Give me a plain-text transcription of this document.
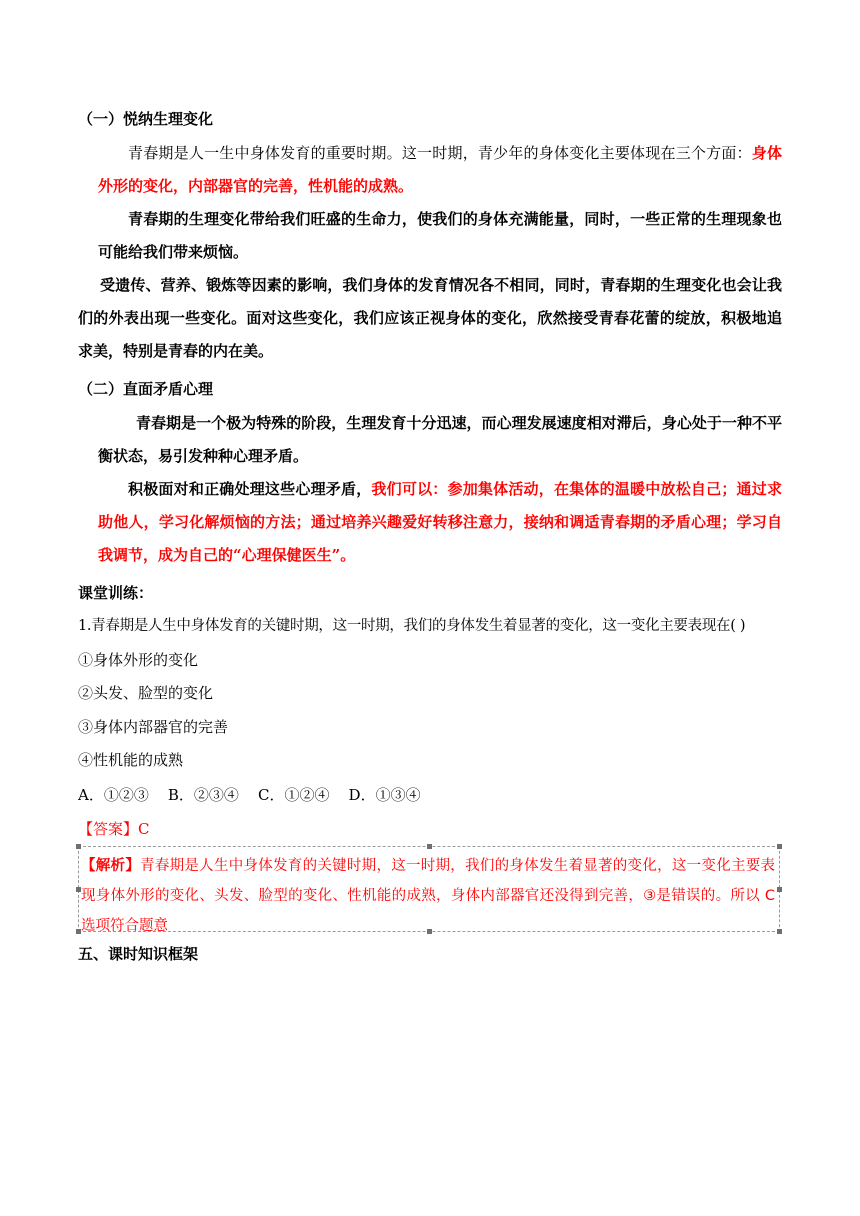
（一）悦纳生理变化
青春期是人一生中身体发育的重要时期。这一时期，青少年的身体变化主要体现在三个方面：身体外形的变化，内部器官的完善，性机能的成熟。
青春期的生理变化带给我们旺盛的生命力，使我们的身体充满能量，同时，一些正常的生理现象也可能给我们带来烦恼。
受遗传、营养、锻炼等因素的影响，我们身体的发育情况各不相同，同时，青春期的生理变化也会让我们的外表出现一些变化。面对这些变化，我们应该正视身体的变化，欣然接受青春花蕾的绽放，积极地追求美，特别是青春的内在美。
（二）直面矛盾心理
青春期是一个极为特殊的阶段，生理发育十分迅速，而心理发展速度相对滞后，身心处于一种不平衡状态，易引发种种心理矛盾。
积极面对和正确处理这些心理矛盾，我们可以：参加集体活动，在集体的温暖中放松自己；通过求助他人，学习化解烦恼的方法；通过培养兴趣爱好转移注意力，接纳和调适青春期的矛盾心理；学习自我调节，成为自己的“心理保健医生”。
课堂训练：
1.青春期是人生中身体发育的关键时期，这一时期，我们的身体发生着显著的变化，这一变化主要表现在( )
①身体外形的变化
②头发、脸型的变化
③身体内部器官的完善
④性机能的成熟
A．①②③    B．②③④    C．①②④    D．①③④
【答案】C
【解析】青春期是人生中身体发育的关键时期，这一时期，我们的身体发生着显著的变化，这一变化主要表现身体外形的变化、头发、脸型的变化、性机能的成熟，身体内部器官还没得到完善，③是错误的。所以 C 选项符合题意
五、课时知识框架
